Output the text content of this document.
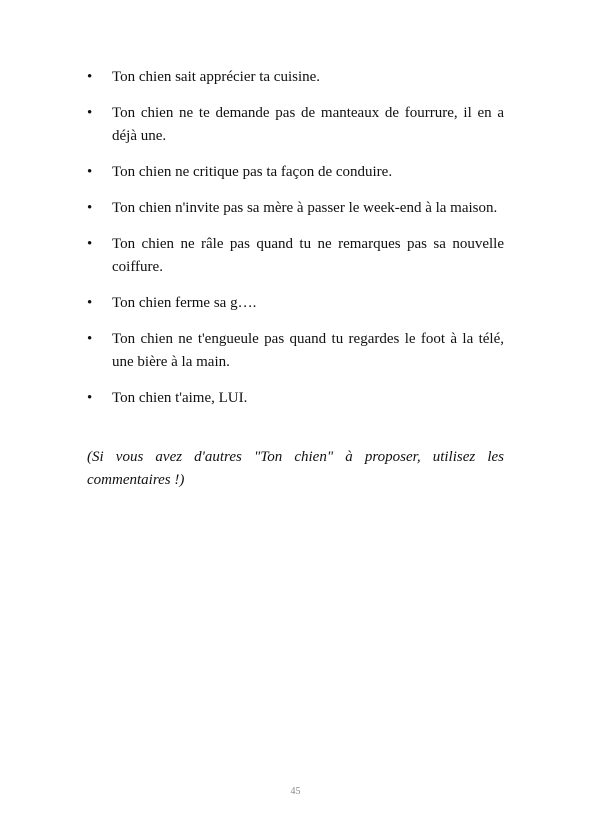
•	Ton chien sait apprécier ta cuisine.
•	Ton chien ne te demande pas de manteaux de fourrure, il en a déjà une.
•	Ton chien ne critique pas ta façon de conduire.
•	Ton chien n'invite pas sa mère à passer le week-end à la maison.
•	Ton chien ne râle pas quand tu ne remarques pas sa nouvelle coiffure.
•	Ton chien ferme sa g….
•	Ton chien ne t'engueule pas quand tu regardes le foot à la télé, une bière à la main.
•	Ton chien t'aime, LUI.

(Si vous avez d'autres "Ton chien" à proposer, utilisez les commentaires !)

45
